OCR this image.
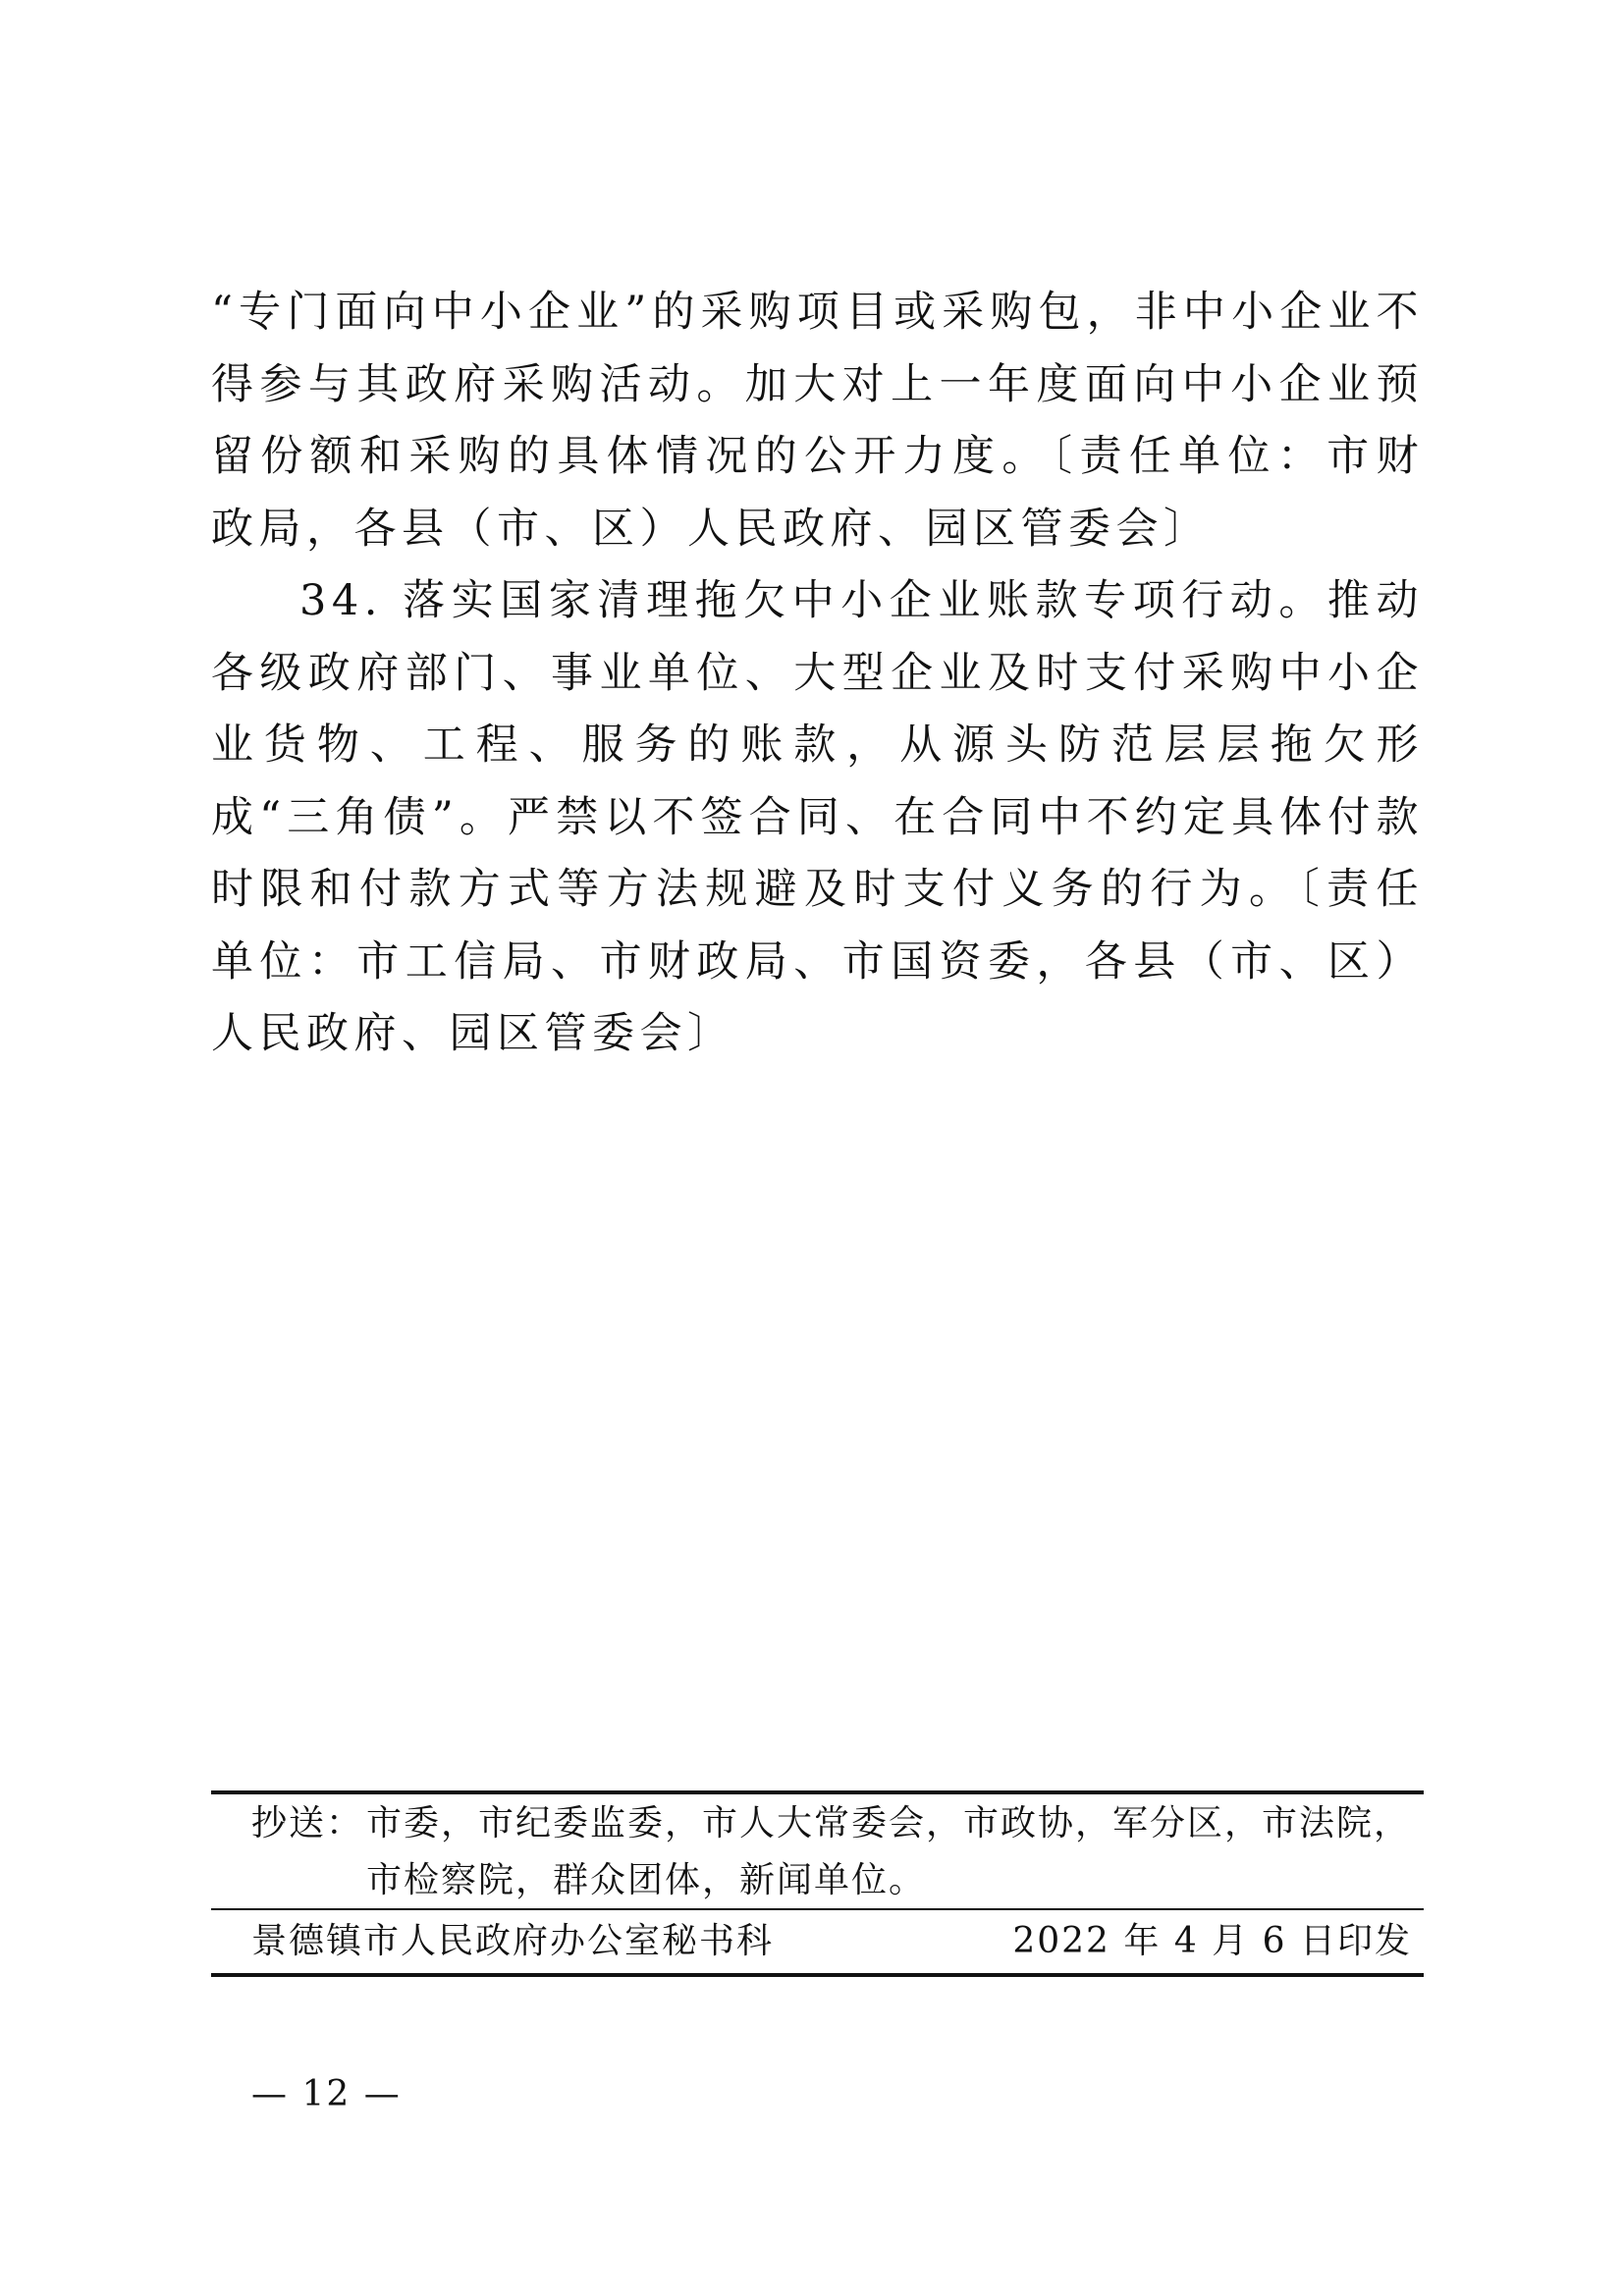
“专门面向中小企业”的采购项目或采购包，非中小企业不得参与其政府采购活动。加大对上一年度面向中小企业预留份额和采购的具体情况的公开力度。〔责任单位：市财政局，各县（市、区）人民政府、园区管委会〕

34. 落实国家清理拖欠中小企业账款专项行动。推动各级政府部门、事业单位、大型企业及时支付采购中小企业货物、工程、服务的账款，从源头防范层层拖欠形成“三角债”。严禁以不签合同、在合同中不约定具体付款时限和付款方式等方法规避及时支付义务的行为。〔责任单位：市工信局、市财政局、市国资委，各县（市、区）人民政府、园区管委会〕

抄送： 市委，市纪委监委，市人大常委会，市政协，军分区，市法院，
市检察院，群众团体，新闻单位。
景德镇市人民政府办公室秘书科	2022 年 4 月 6 日印发
— 12 —
